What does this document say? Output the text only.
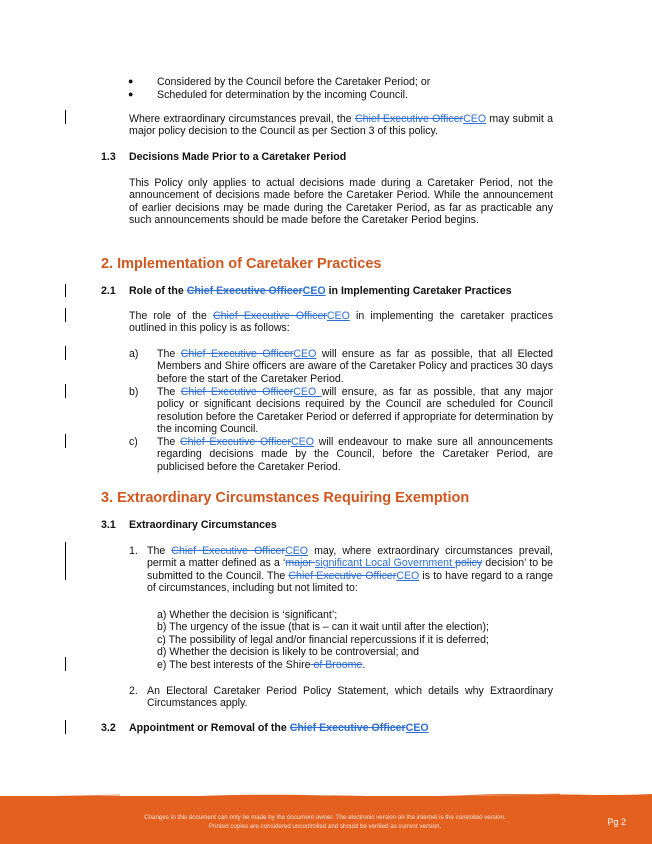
● Considered by the Council before the Caretaker Period; or
● Scheduled for determination by the incoming Council.
Where extraordinary circumstances prevail, the Chief Executive OfficerCEO may submit a major policy decision to the Council as per Section 3 of this policy.
1.3 Decisions Made Prior to a Caretaker Period
This Policy only applies to actual decisions made during a Caretaker Period, not the announcement of decisions made before the Caretaker Period. While the announcement of earlier decisions may be made during the Caretaker Period, as far as practicable any such announcements should be made before the Caretaker Period begins.
2. Implementation of Caretaker Practices
2.1 Role of the Chief Executive OfficerCEO in Implementing Caretaker Practices
The role of the Chief Executive OfficerCEO in implementing the caretaker practices outlined in this policy is as follows:
a) The Chief Executive OfficerCEO will ensure as far as possible, that all Elected Members and Shire officers are aware of the Caretaker Policy and practices 30 days before the start of the Caretaker Period.
b) The Chief Executive OfficerCEO will ensure, as far as possible, that any major policy or significant decisions required by the Council are scheduled for Council resolution before the Caretaker Period or deferred if appropriate for determination by the incoming Council.
c) The Chief Executive OfficerCEO will endeavour to make sure all announcements regarding decisions made by the Council, before the Caretaker Period, are publicised before the Caretaker Period.
3. Extraordinary Circumstances Requiring Exemption
3.1 Extraordinary Circumstances
1. The Chief Executive OfficerCEO may, where extraordinary circumstances prevail, permit a matter defined as a ‘major significant Local Government policy decision’ to be submitted to the Council. The Chief Executive OfficerCEO is to have regard to a range of circumstances, including but not limited to:
a) Whether the decision is ‘significant’;
b) The urgency of the issue (that is – can it wait until after the election);
c) The possibility of legal and/or financial repercussions if it is deferred;
d) Whether the decision is likely to be controversial; and
e) The best interests of the Shire of Broome.
2. An Electoral Caretaker Period Policy Statement, which details why Extraordinary Circumstances apply.
3.2 Appointment or Removal of the Chief Executive OfficerCEO
Changes to this document can only be made by the document owner. The electronic version on the internet is the controlled version.
Printed copies are considered uncontrolled and should be verified as current version.	Pg 2
